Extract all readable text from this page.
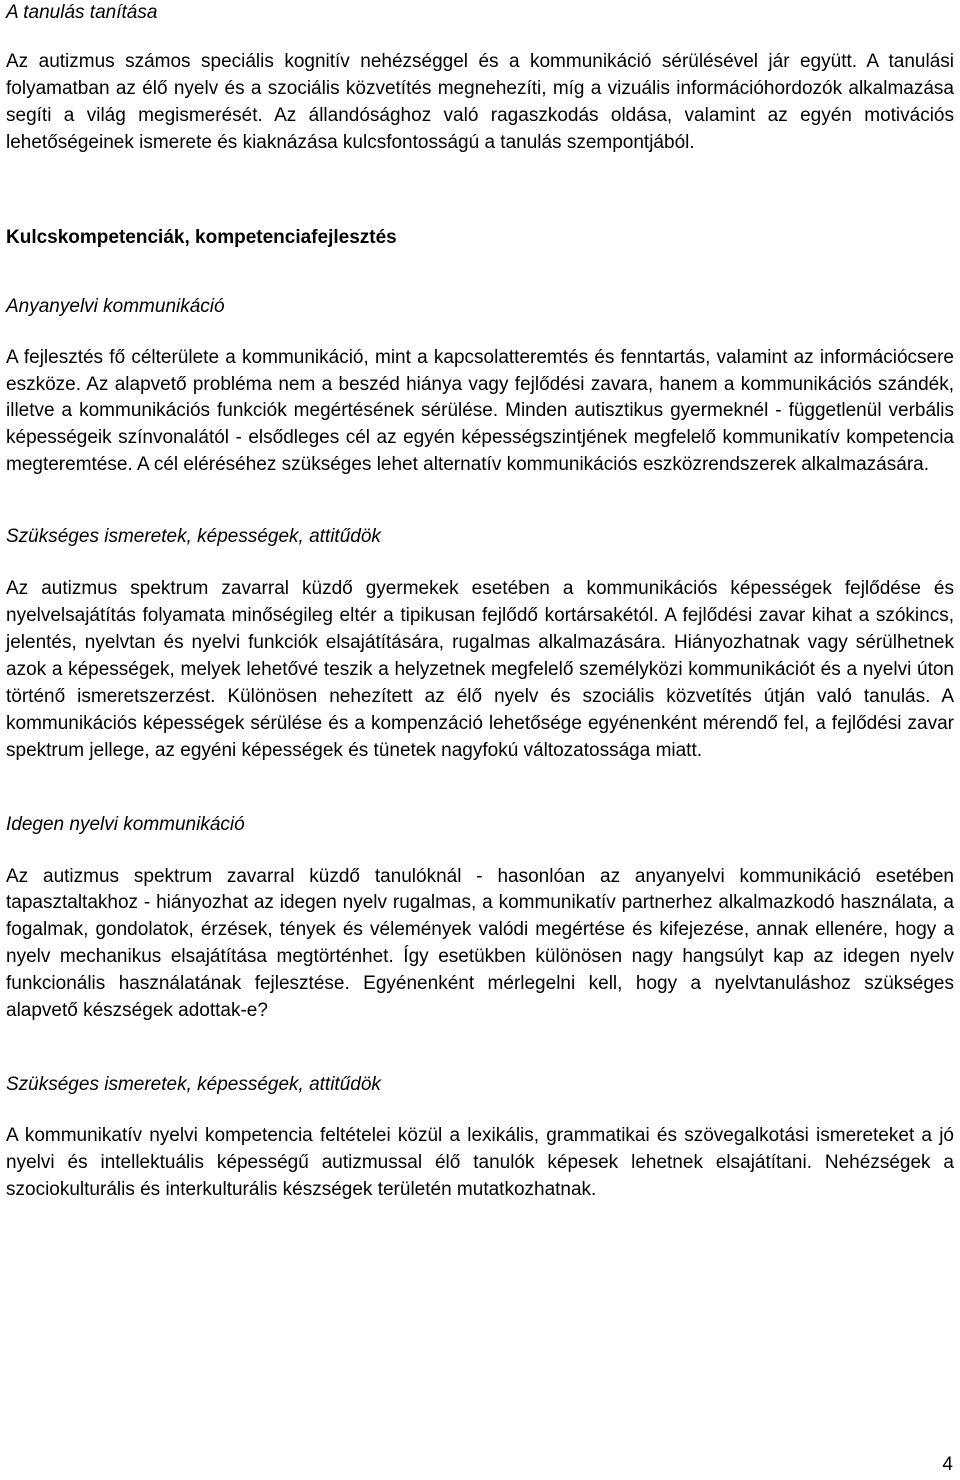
A tanulás tanítása

Az autizmus számos speciális kognitív nehézséggel és a kommunikáció sérülésével jár együtt. A tanulási folyamatban az élő nyelv és a szociális közvetítés megnehezíti, míg a vizuális információhordozók alkalmazása segíti a világ megismerését. Az állandósághoz való ragaszkodás oldása, valamint az egyén motivációs lehetőségeinek ismerete és kiaknázása kulcsfontosságú a tanulás szempontjából.

Kulcskompetenciák, kompetenciafejlesztés
Anyanyelvi kommunikáció

A fejlesztés fő célterülete a kommunikáció, mint a kapcsolatteremtés és fenntartás, valamint az információcsere eszköze. Az alapvető probléma nem a beszéd hiánya vagy fejlődési zavara, hanem a kommunikációs szándék, illetve a kommunikációs funkciók megértésének sérülése. Minden autisztikus gyermeknél - függetlenül verbális képességeik színvonalától - elsődleges cél az egyén képességszintjének megfelelő kommunikatív kompetencia megteremtése. A cél eléréséhez szükséges lehet alternatív kommunikációs eszközrendszerek alkalmazására.

Szükséges ismeretek, képességek, attitűdök

Az autizmus spektrum zavarral küzdő gyermekek esetében a kommunikációs képességek fejlődése és nyelvelsajátítás folyamata minőségileg eltér a tipikusan fejlődő kortársakétól. A fejlődési zavar kihat a szókincs, jelentés, nyelvtan és nyelvi funkciók elsajátítására, rugalmas alkalmazására. Hiányozhatnak vagy sérülhetnek azok a képességek, melyek lehetővé teszik a helyzetnek megfelelő személyközi kommunikációt és a nyelvi úton történő ismeretszerzést. Különösen nehezített az élő nyelv és szociális közvetítés útján való tanulás. A kommunikációs képességek sérülése és a kompenzáció lehetősége egyénenként mérendő fel, a fejlődési zavar spektrum jellege, az egyéni képességek és tünetek nagyfokú változatossága miatt.

Idegen nyelvi kommunikáció

Az autizmus spektrum zavarral küzdő tanulóknál - hasonlóan az anyanyelvi kommunikáció esetében tapasztaltakhoz - hiányozhat az idegen nyelv rugalmas, a kommunikatív partnerhez alkalmazkodó használata, a fogalmak, gondolatok, érzések, tények és vélemények valódi megértése és kifejezése, annak ellenére, hogy a nyelv mechanikus elsajátítása megtörténhet. Így esetükben különösen nagy hangsúlyt kap az idegen nyelv funkcionális használatának fejlesztése. Egyénenként mérlegelni kell, hogy a nyelvtanuláshoz szükséges alapvető készségek adottak-e?

Szükséges ismeretek, képességek, attitűdök

A kommunikatív nyelvi kompetencia feltételei közül a lexikális, grammatikai és szövegalkotási ismereteket a jó nyelvi és intellektuális képességű autizmussal élő tanulók képesek lehetnek elsajátítani. Nehézségek a szociokulturális és interkulturális készségek területén mutatkozhatnak.

4
